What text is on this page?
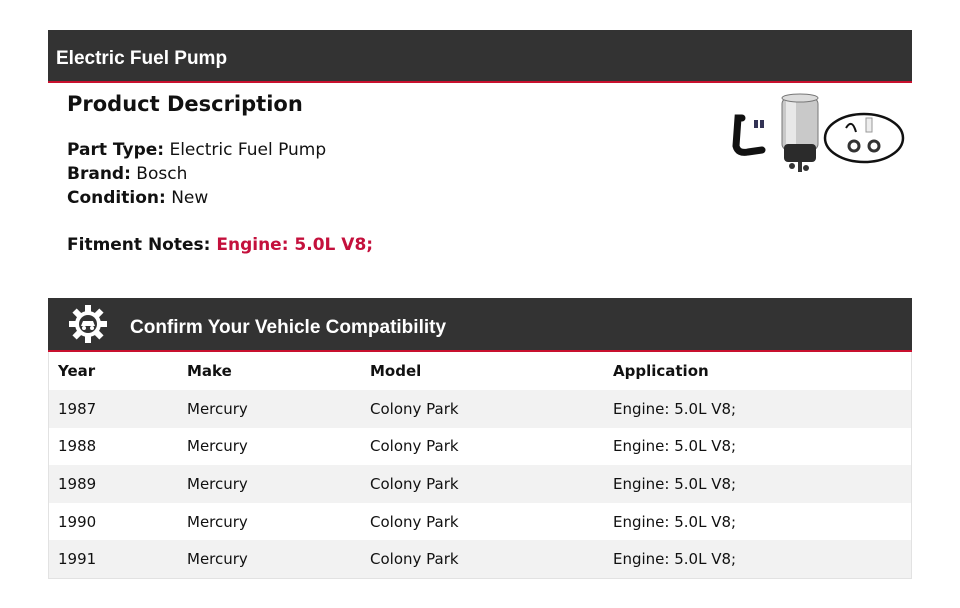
Electric Fuel Pump
Product Description
Part Type: Electric Fuel Pump
Brand: Bosch
Condition: New
Fitment Notes: Engine: 5.0L V8;
Confirm Your Vehicle Compatibility
Year	Make	Model	Application
1987	Mercury	Colony Park	Engine: 5.0L V8;
1988	Mercury	Colony Park	Engine: 5.0L V8;
1989	Mercury	Colony Park	Engine: 5.0L V8;
1990	Mercury	Colony Park	Engine: 5.0L V8;
1991	Mercury	Colony Park	Engine: 5.0L V8;
